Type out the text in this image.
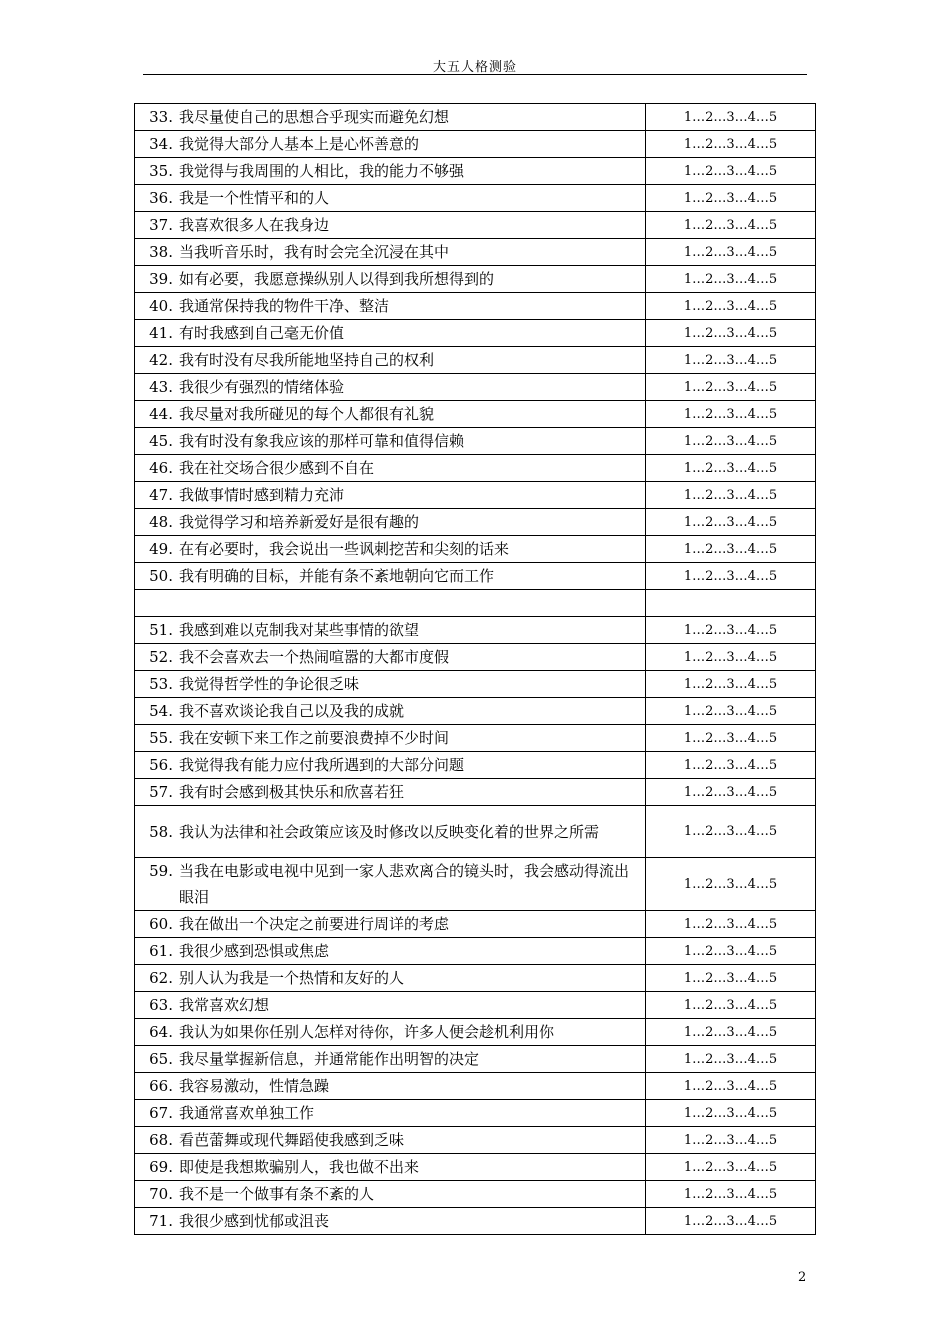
大五人格测验
33. 我尽量使自己的思想合乎现实而避免幻想	1…2…3…4…5
34. 我觉得大部分人基本上是心怀善意的	1…2…3…4…5
35. 我觉得与我周围的人相比，我的能力不够强	1…2…3…4…5
36. 我是一个性情平和的人	1…2…3…4…5
37. 我喜欢很多人在我身边	1…2…3…4…5
38. 当我听音乐时，我有时会完全沉浸在其中	1…2…3…4…5
39. 如有必要，我愿意操纵别人以得到我所想得到的	1…2…3…4…5
40. 我通常保持我的物件干净、整洁	1…2…3…4…5
41. 有时我感到自己毫无价值	1…2…3…4…5
42. 我有时没有尽我所能地坚持自己的权利	1…2…3…4…5
43. 我很少有强烈的情绪体验	1…2…3…4…5
44. 我尽量对我所碰见的每个人都很有礼貌	1…2…3…4…5
45. 我有时没有象我应该的那样可靠和值得信赖	1…2…3…4…5
46. 我在社交场合很少感到不自在	1…2…3…4…5
47. 我做事情时感到精力充沛	1…2…3…4…5
48. 我觉得学习和培养新爱好是很有趣的	1…2…3…4…5
49. 在有必要时，我会说出一些讽刺挖苦和尖刻的话来	1…2…3…4…5
50. 我有明确的目标，并能有条不紊地朝向它而工作	1…2…3…4…5

51. 我感到难以克制我对某些事情的欲望	1…2…3…4…5
52. 我不会喜欢去一个热闹喧嚣的大都市度假	1…2…3…4…5
53. 我觉得哲学性的争论很乏味	1…2…3…4…5
54. 我不喜欢谈论我自己以及我的成就	1…2…3…4…5
55. 我在安顿下来工作之前要浪费掉不少时间	1…2…3…4…5
56. 我觉得我有能力应付我所遇到的大部分问题	1…2…3…4…5
57. 我有时会感到极其快乐和欣喜若狂	1…2…3…4…5
58. 我认为法律和社会政策应该及时修改以反映变化着的世界之所需	1…2…3…4…5
59. 当我在电影或电视中见到一家人悲欢离合的镜头时，我会感动得流出眼泪	1…2…3…4…5
60. 我在做出一个决定之前要进行周详的考虑	1…2…3…4…5
61. 我很少感到恐惧或焦虑	1…2…3…4…5
62. 别人认为我是一个热情和友好的人	1…2…3…4…5
63. 我常喜欢幻想	1…2…3…4…5
64. 我认为如果你任别人怎样对待你，许多人便会趁机利用你	1…2…3…4…5
65. 我尽量掌握新信息，并通常能作出明智的决定	1…2…3…4…5
66. 我容易激动，性情急躁	1…2…3…4…5
67. 我通常喜欢单独工作	1…2…3…4…5
68. 看芭蕾舞或现代舞蹈使我感到乏味	1…2…3…4…5
69. 即使是我想欺骗别人，我也做不出来	1…2…3…4…5
70. 我不是一个做事有条不紊的人	1…2…3…4…5
71. 我很少感到忧郁或沮丧	1…2…3…4…5
2
